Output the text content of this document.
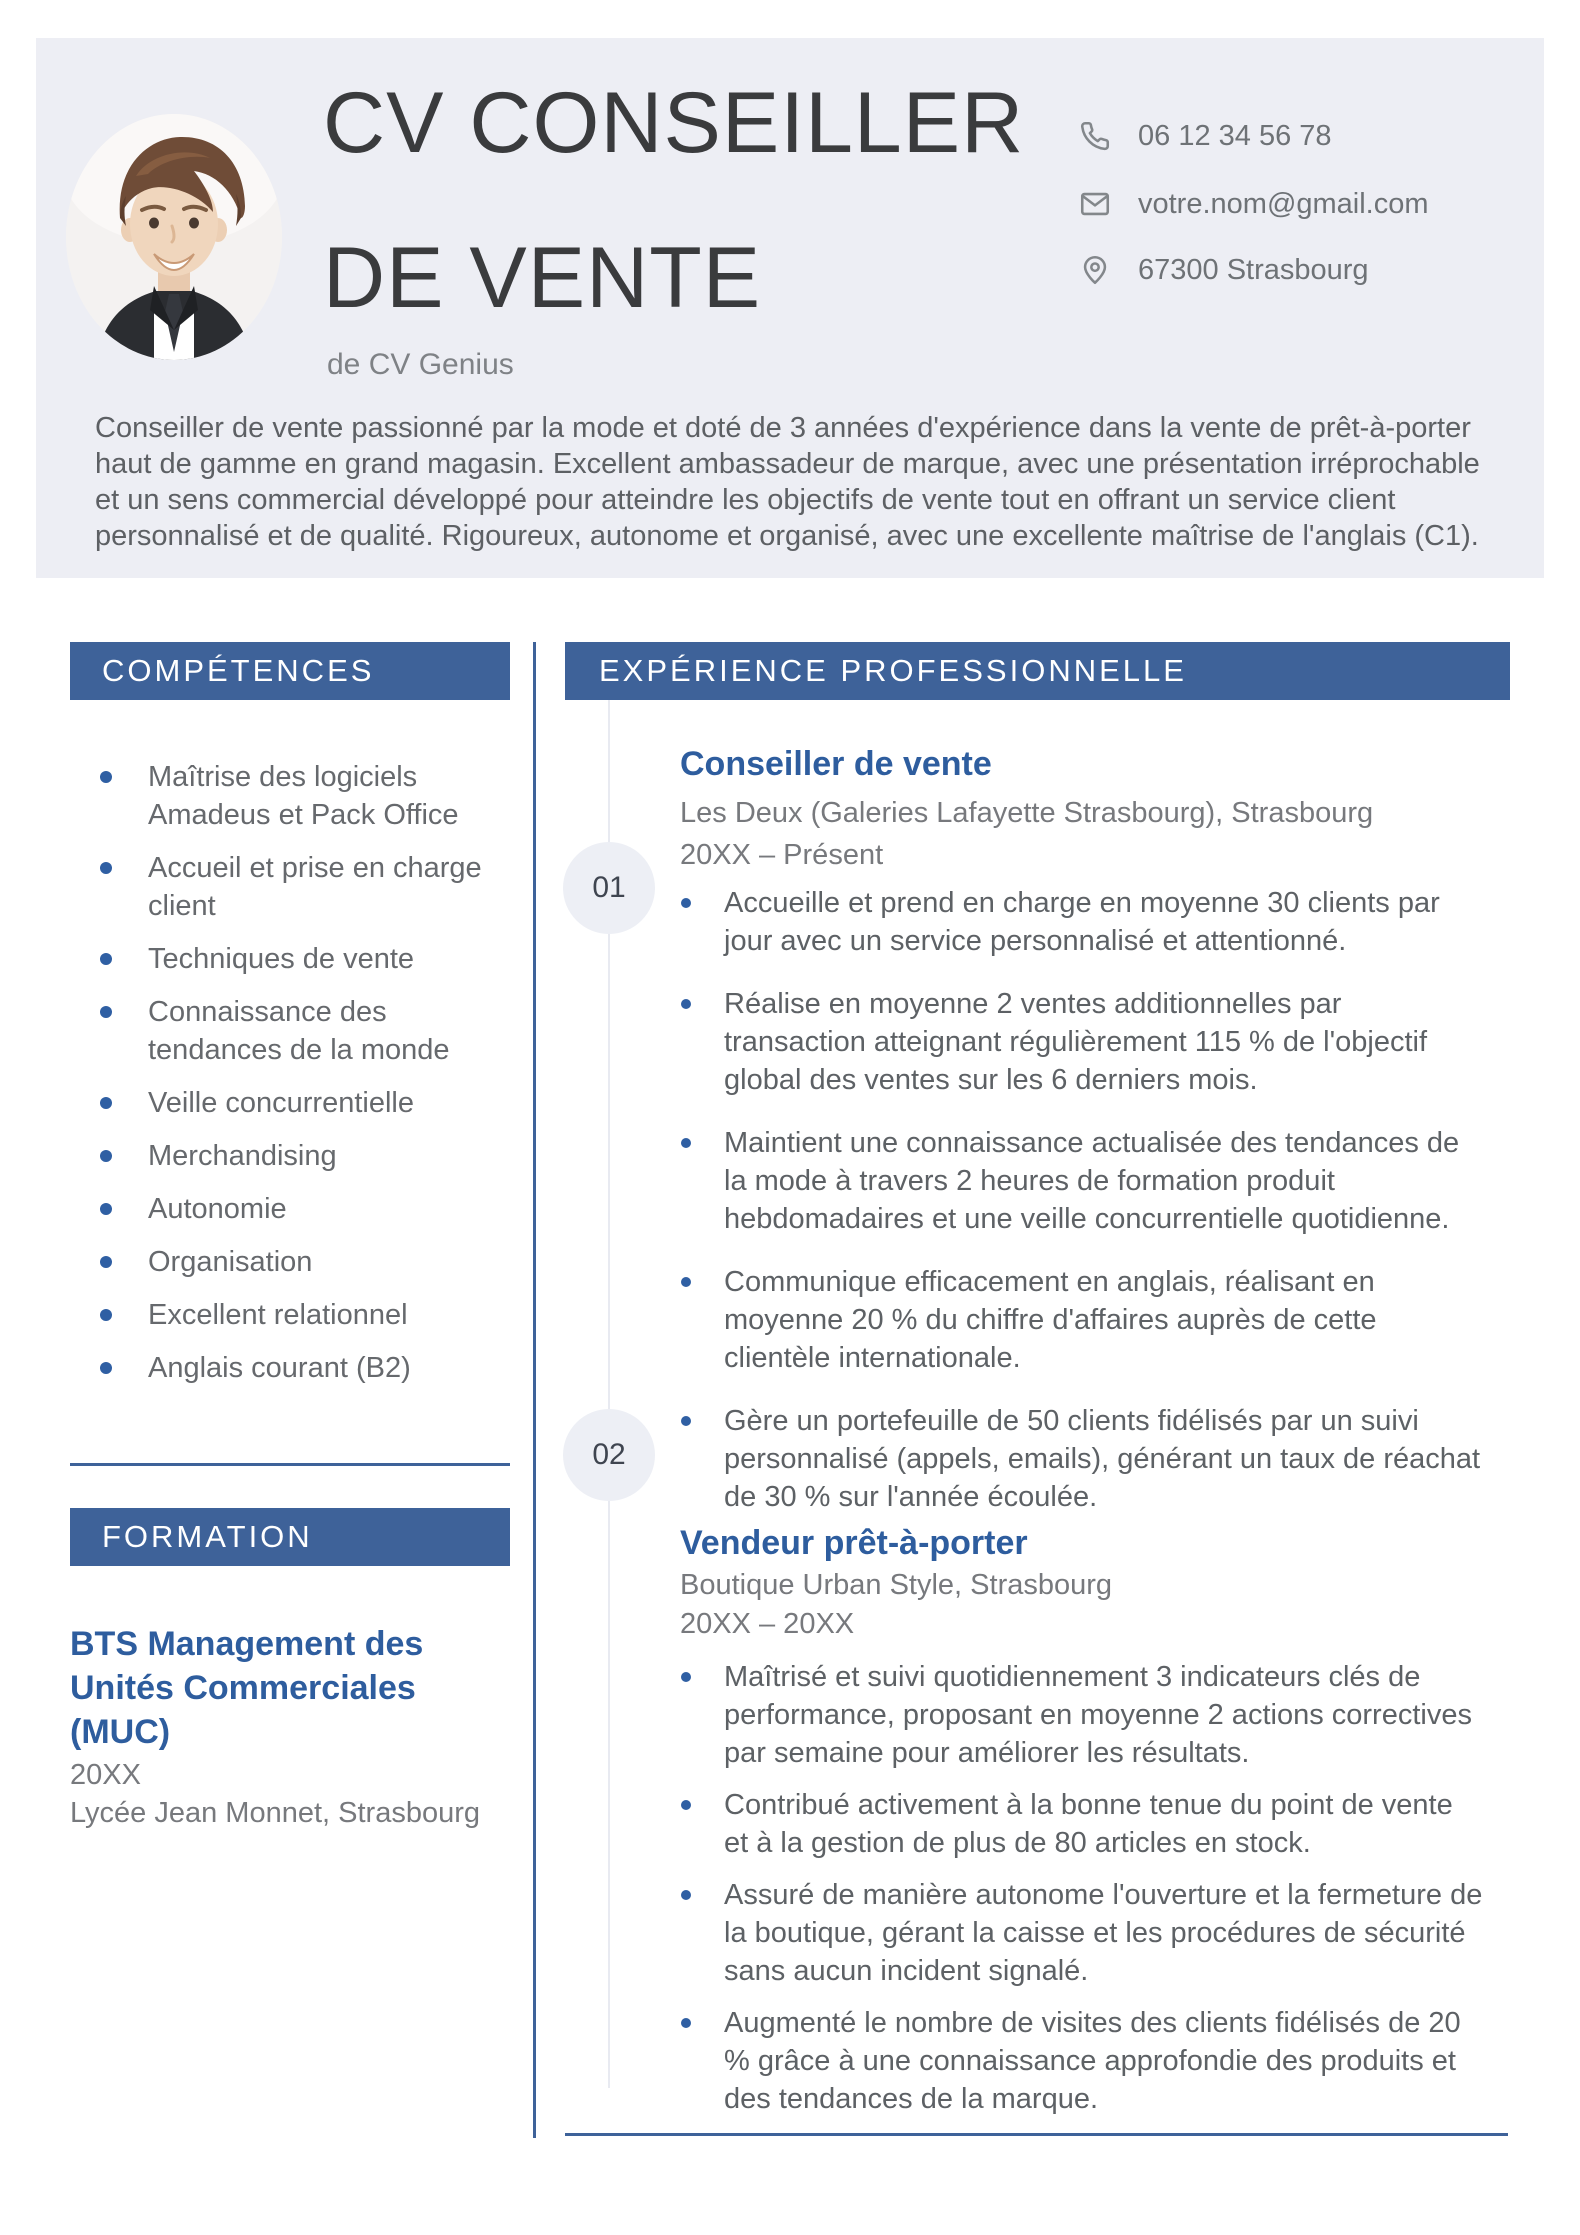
CV CONSEILLER
DE VENTE
de CV Genius
06 12 34 56 78
votre.nom@gmail.com
67300 Strasbourg
Conseiller de vente passionné par la mode et doté de 3 années d'expérience dans la vente de prêt-à-porter haut de gamme en grand magasin. Excellent ambassadeur de marque, avec une présentation irréprochable et un sens commercial développé pour atteindre les objectifs de vente tout en offrant un service client personnalisé et de qualité. Rigoureux, autonome et organisé, avec une excellente maîtrise de l'anglais (C1).
COMPÉTENCES
Maîtrise des logiciels Amadeus et Pack Office
Accueil et prise en charge client
Techniques de vente
Connaissance des tendances de la monde
Veille concurrentielle
Merchandising
Autonomie
Organisation
Excellent relationnel
Anglais courant (B2)
FORMATION
BTS Management des Unités Commerciales (MUC)
20XX
Lycée Jean Monnet, Strasbourg
EXPÉRIENCE PROFESSIONNELLE
01
02
Conseiller de vente
Les Deux (Galeries Lafayette Strasbourg), Strasbourg
20XX – Présent
Accueille et prend en charge en moyenne 30 clients par jour avec un service personnalisé et attentionné.
Réalise en moyenne 2 ventes additionnelles par transaction atteignant régulièrement 115 % de l'objectif global des ventes sur les 6 derniers mois.
Maintient une connaissance actualisée des tendances de la mode à travers 2 heures de formation produit hebdomadaires et une veille concurrentielle quotidienne.
Communique efficacement en anglais, réalisant en moyenne 20 % du chiffre d'affaires auprès de cette clientèle internationale.
Gère un portefeuille de 50 clients fidélisés par un suivi personnalisé (appels, emails), générant un taux de réachat de 30 % sur l'année écoulée.
Vendeur prêt-à-porter
Boutique Urban Style, Strasbourg
20XX – 20XX
Maîtrisé et suivi quotidiennement 3 indicateurs clés de performance, proposant en moyenne 2 actions correctives par semaine pour améliorer les résultats.
Contribué activement à la bonne tenue du point de vente et à la gestion de plus de 80 articles en stock.
Assuré de manière autonome l'ouverture et la fermeture de la boutique, gérant la caisse et les procédures de sécurité sans aucun incident signalé.
Augmenté le nombre de visites des clients fidélisés de 20 % grâce à une connaissance approfondie des produits et des tendances de la marque.
